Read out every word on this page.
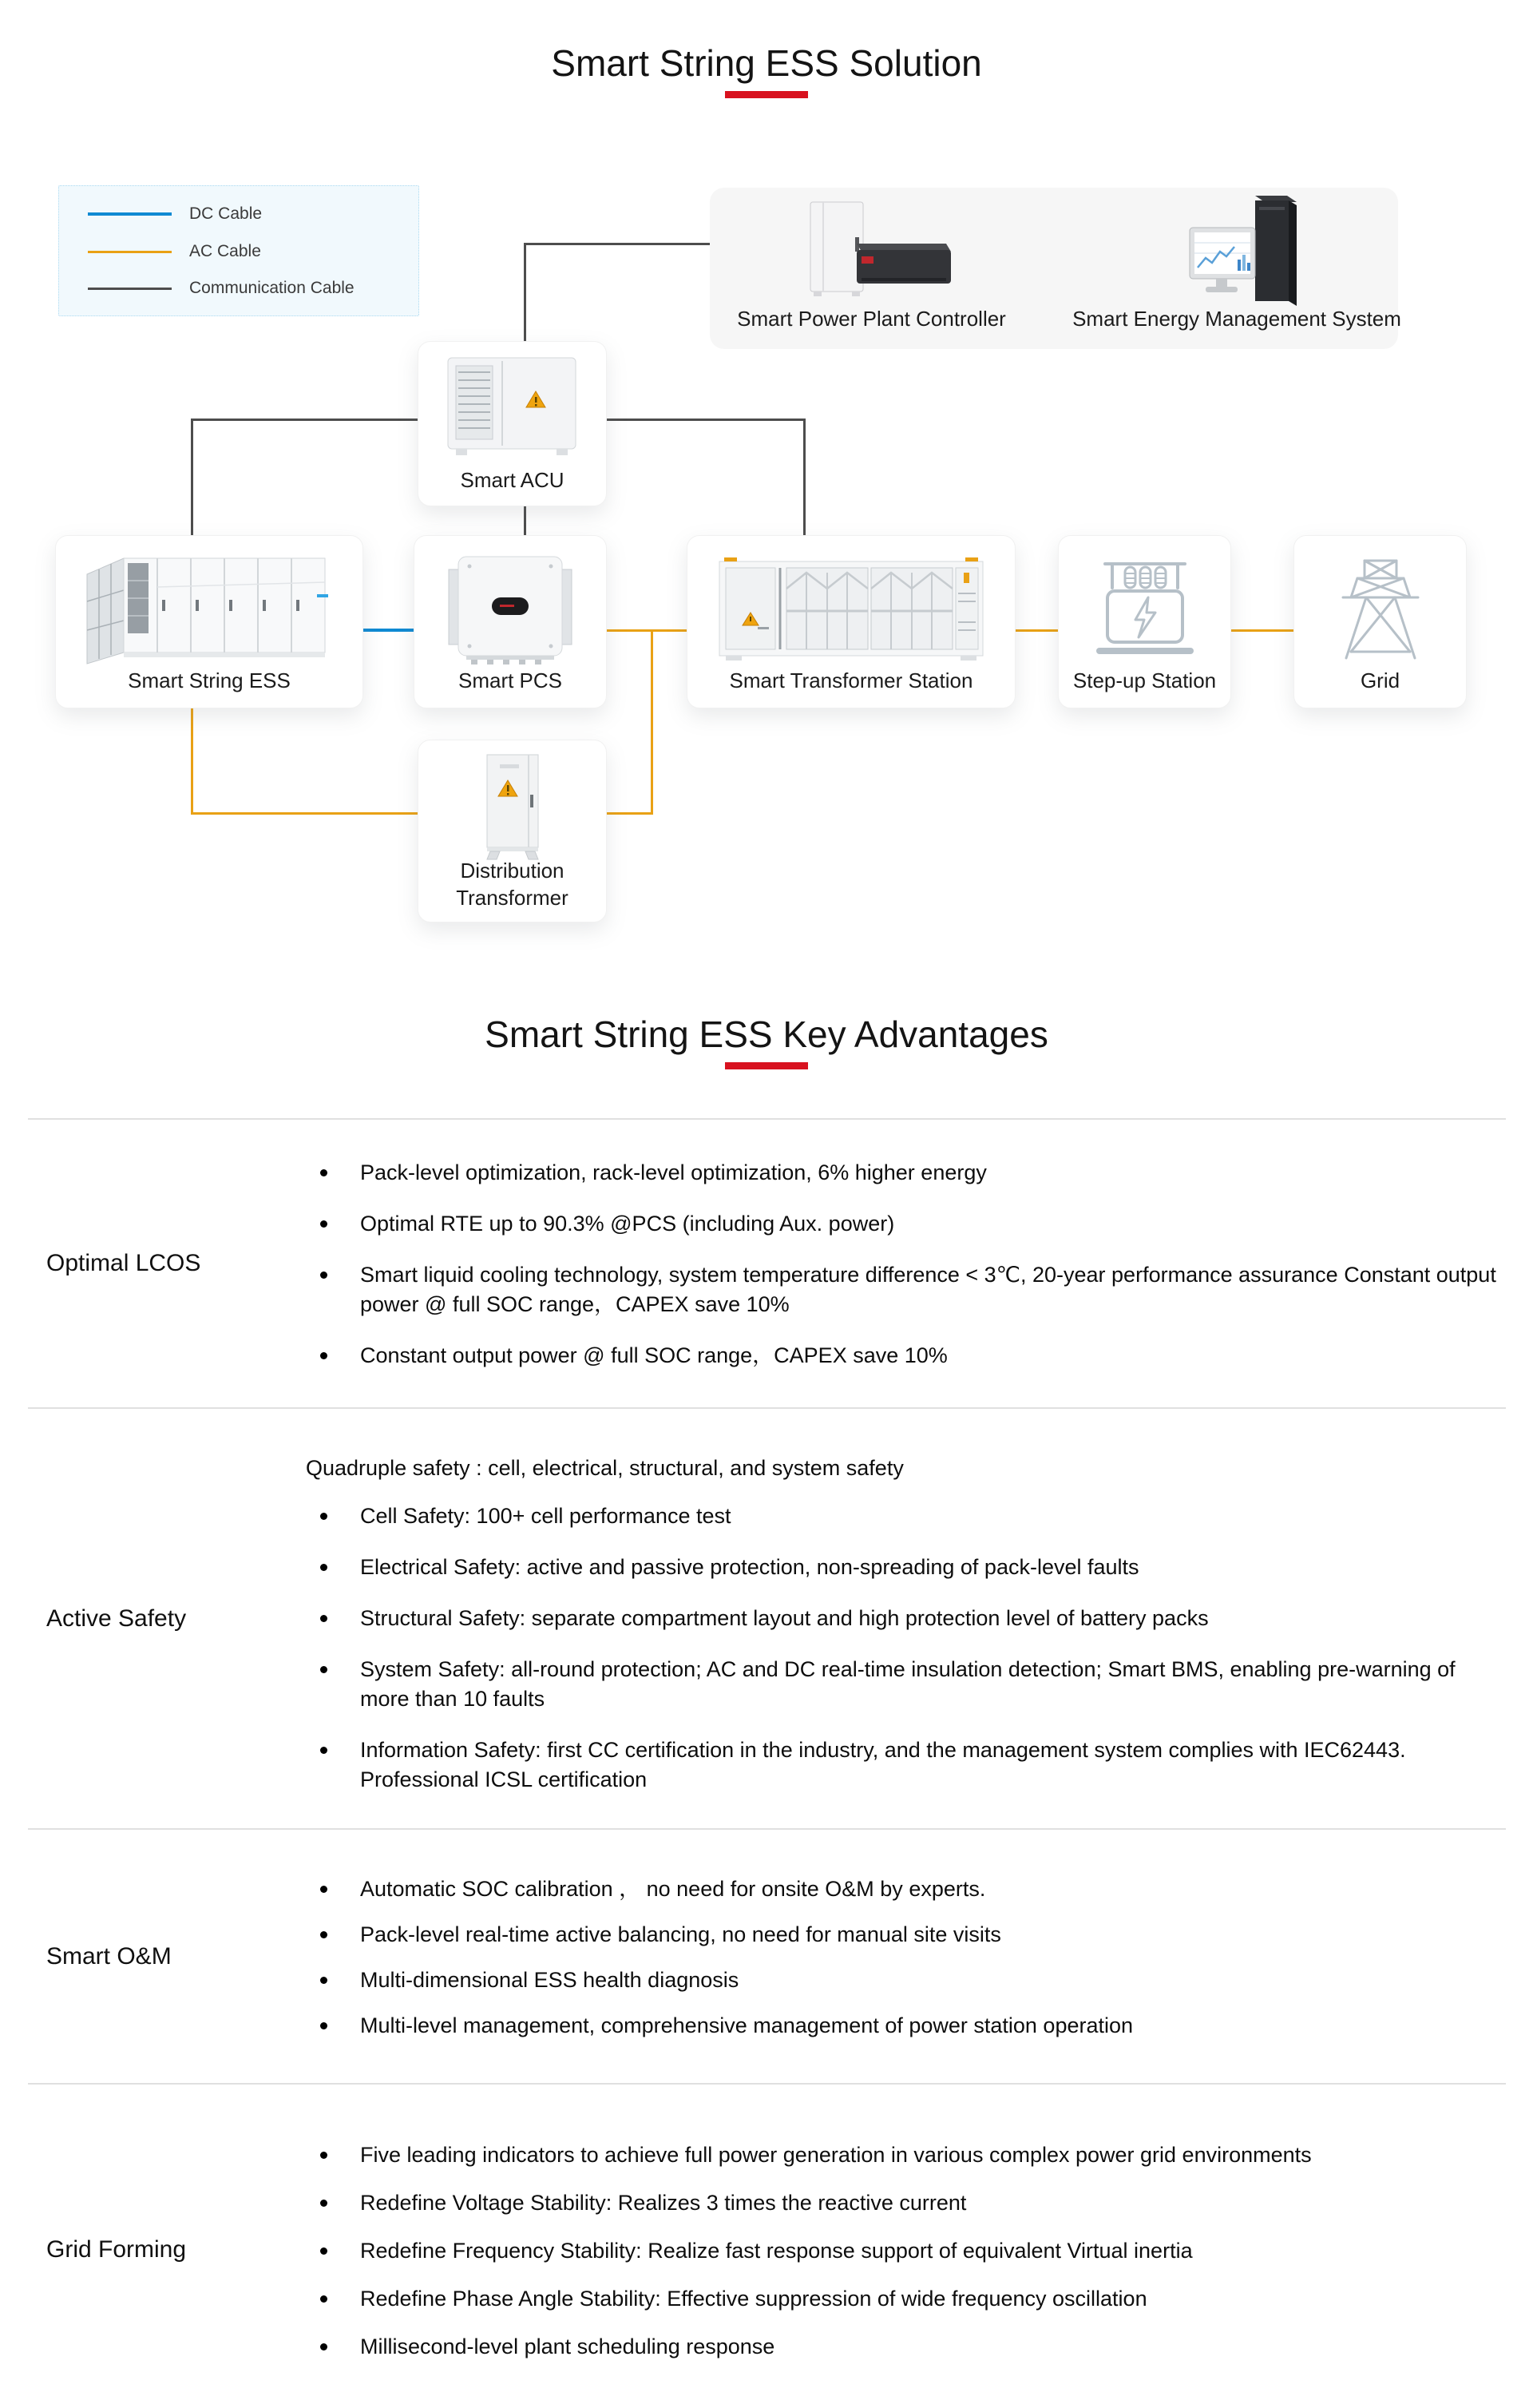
Smart String ESS Solution
DC Cable
AC Cable
Communication Cable
Smart Power Plant Controller	Smart Energy Management System
Smart ACU
Smart String ESS	Smart PCS	Smart Transformer Station	Step-up Station	Grid
Distribution Transformer
Smart String ESS Key Advantages
Optimal LCOS
Pack-level optimization, rack-level optimization, 6% higher energy
Optimal RTE up to 90.3% @PCS (including Aux. power)
Smart liquid cooling technology, system temperature difference < 3℃, 20-year performance assurance Constant output power @ full SOC range，CAPEX save 10%
Constant output power @ full SOC range，CAPEX save 10%
Active Safety

Quadruple safety : cell, electrical, structural, and system safety

Cell Safety: 100+ cell performance test
Electrical Safety: active and passive protection, non-spreading of pack-level faults
Structural Safety: separate compartment layout and high protection level of battery packs
System Safety: all-round protection; AC and DC real-time insulation detection; Smart BMS, enabling pre-warning of more than 10 faults
Information Safety: first CC certification in the industry, and the management system complies with IEC62443. Professional ICSL certification
Smart O&M
Automatic SOC calibration ， no need for onsite O&M by experts.
Pack-level real-time active balancing, no need for manual site visits
Multi-dimensional ESS health diagnosis
Multi-level management, comprehensive management of power station operation
Grid Forming
Five leading indicators to achieve full power generation in various complex power grid environments
Redefine Voltage Stability: Realizes 3 times the reactive current
Redefine Frequency Stability: Realize fast response support of equivalent Virtual inertia
Redefine Phase Angle Stability: Effective suppression of wide frequency oscillation
Millisecond-level plant scheduling response
